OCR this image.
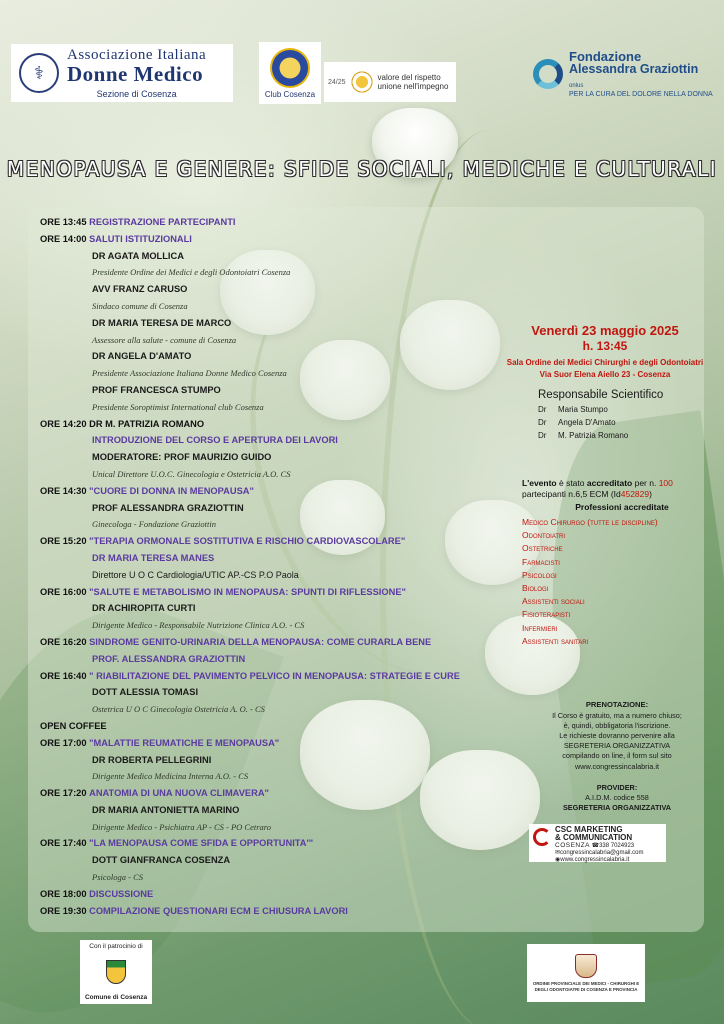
⚕
Associazione Italiana
Donne Medico
Sezione di Cosenza	Club Cosenza
24/25
valore del rispetto
unione nell'impegno
Fondazione
Alessandra Graziottin onlus
PER LA CURA DEL DOLORE NELLA DONNA
MENOPAUSA E GENERE: SFIDE SOCIALI, MEDICHE E CULTURALI
ORE 13:45 REGISTRAZIONE PARTECIPANTI
ORE 14:00 SALUTI ISTITUZIONALI
DR AGATA MOLLICA
Presidente Ordine dei Medici e degli Odontoiatri Cosenza
AVV FRANZ CARUSO
Sindaco comune di Cosenza
DR MARIA TERESA DE MARCO
Assessore alla salute - comune di Cosenza
DR ANGELA D'AMATO
Presidente Associazione Italiana Donne Medico Cosenza
PROF FRANCESCA STUMPO
Presidente Soroptimist International club Cosenza
ORE 14:20 DR M. PATRIZIA ROMANO
INTRODUZIONE DEL CORSO E APERTURA DEI LAVORI
MODERATORE: PROF MAURIZIO GUIDO
Unical Direttore U.O.C. Ginecologia e Ostetricia A.O. CS
ORE 14:30 "CUORE DI DONNA IN MENOPAUSA"
PROF ALESSANDRA GRAZIOTTIN
Ginecologa - Fondazione Graziottin
ORE 15:20 "TERAPIA ORMONALE SOSTITUTIVA E RISCHIO CARDIOVASCOLARE"
DR MARIA TERESA MANES
Direttore U O C Cardiologia/UTIC AP.-CS P.O Paola
ORE 16:00 "SALUTE E METABOLISMO IN MENOPAUSA: SPUNTI DI RIFLESSIONE"
DR ACHIROPITA CURTI
Dirigente Medico - Responsabile Nutrizione Clinica A.O. - CS
ORE 16:20 SINDROME GENITO-URINARIA DELLA MENOPAUSA: COME CURARLA BENE
PROF. ALESSANDRA GRAZIOTTIN
ORE 16:40 " RIABILITAZIONE DEL PAVIMENTO PELVICO IN MENOPAUSA: STRATEGIE E CURE
DOTT ALESSIA TOMASI
Ostetrica U O C Ginecologia Ostetricia A. O. - CS
OPEN COFFEE
ORE 17:00 "MALATTIE REUMATICHE E MENOPAUSA"
DR ROBERTA PELLEGRINI
Dirigente Medico Medicina Interna A.O. - CS
ORE 17:20 ANATOMIA DI UNA NUOVA CLIMAVERA"
DR MARIA ANTONIETTA MARINO
Dirigente Medico - Psichiatra AP - CS - PO Cetraro
ORE 17:40 "LA MENOPAUSA COME SFIDA E OPPORTUNITA'"
DOTT GIANFRANCA COSENZA
Psicologa - CS
ORE 18:00 DISCUSSIONE
ORE 19:30 COMPILAZIONE QUESTIONARI ECM E CHIUSURA LAVORI
Venerdì 23 maggio 2025
h. 13:45
Sala Ordine dei Medici Chirurghi e degli Odontoiatri
Via Suor Elena Aiello 23 - Cosenza
Responsabile Scientifico
Dr Maria Stumpo
Dr Angela D'Amato
Dr M. Patrizia Romano
L'evento è stato accreditato per n. 100
partecipanti n.6,5 ECM (Id452829)
Professioni accreditate
Medico Chirurgo (tutte le discipline)
Odontoiatri
Ostetriche
Farmacisti
Psicologi
Biologi
Assistenti sociali
Fisioterapisti
Infermieri
Assistenti sanitari
PRENOTAZIONE:
Il Corso è gratuito, ma a numero chiuso;
è, quindi, obbligatoria l'iscrizione.
Le richieste dovranno pervenire alla
SEGRETERIA ORGANIZZATIVA
compilando on line, il form sul sito
www.congressincalabria.it
PROVIDER:
A.I.D.M. codice 558
SEGRETERIA ORGANIZZATIVA
CSC MARKETING
& COMMUNICATION
COSENZA ☎338 7024923
✉congressincalabria@gmail.com
◉www.congressincalabria.it
Con il patrocinio di
Comune di Cosenza
ORDINE PROVINCIALE DEI MEDICI - CHIRURGHI E DEGLI ODONTOIATRI DI COSENZA E PROVINCIA
